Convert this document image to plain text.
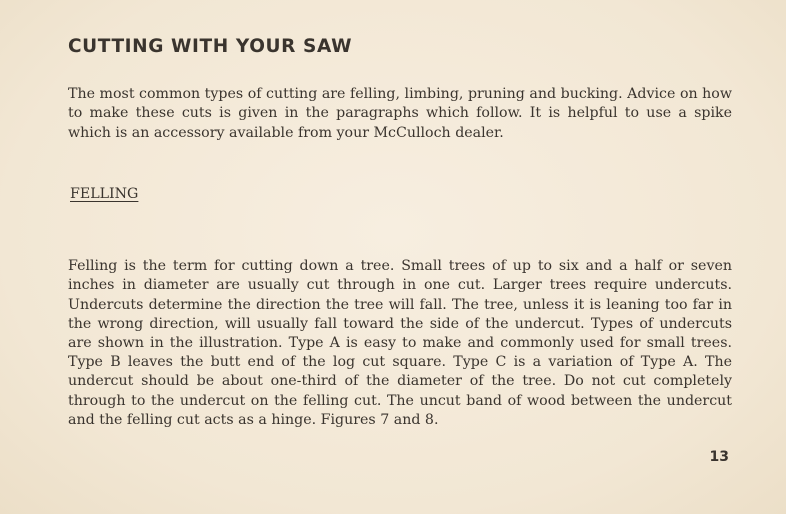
CUTTING WITH YOUR SAW

The most common types of cutting are felling, limbing, pruning and bucking. Advice on how to make these cuts is given in the paragraphs which follow. It is helpful to use a spike which is an accessory available from your McCulloch dealer.

FELLING

Felling is the term for cutting down a tree. Small trees of up to six and a half or seven inches in diameter are usually cut through in one cut. Larger trees require undercuts. Undercuts determine the direction the tree will fall. The tree, unless it is leaning too far in the wrong direction, will usually fall toward the side of the undercut. Types of undercuts are shown in the illustration. Type A is easy to make and commonly used for small trees. Type B leaves the butt end of the log cut square. Type C is a variation of Type A. The undercut should be about one-third of the diameter of the tree. Do not cut completely through to the undercut on the felling cut. The uncut band of wood between the undercut and the felling cut acts as a hinge. Figures 7 and 8.

13
